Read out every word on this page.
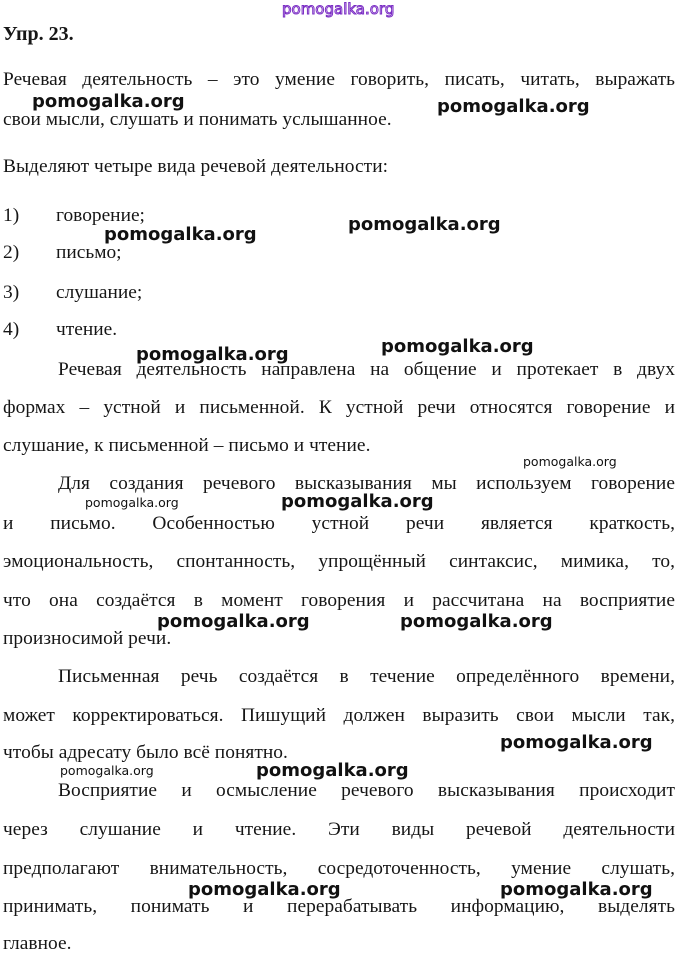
pomogalka.org
Упр. 23.
Речевая деятельность – это умение говорить, писать, читать, выражать
свои мысли, слушать и понимать услышанное.
Выделяют четыре вида речевой деятельности:
1) говорение;
2) письмо;
3) слушание;
4) чтение.
Речевая деятельность направлена на общение и протекает в двух
формах – устной и письменной. К устной речи относятся говорение и
слушание, к письменной – письмо и чтение.
Для создания речевого высказывания мы используем говорение
и письмо. Особенностью устной речи является краткость,
эмоциональность, спонтанность, упрощённый синтаксис, мимика, то,
что она создаётся в момент говорения и рассчитана на восприятие
произносимой речи.
Письменная речь создаётся в течение определённого времени,
может корректироваться. Пишущий должен выразить свои мысли так,
чтобы адресату было всё понятно.
Восприятие и осмысление речевого высказывания происходит
через слушание и чтение. Эти виды речевой деятельности
предполагают внимательность, сосредоточенность, умение слушать,
принимать, понимать и перерабатывать информацию, выделять
главное.
pomogalka.org	pomogalka.org
pomogalka.org
pomogalka.org
pomogalka.org
pomogalka.org
pomogalka.org
pomogalka.org
pomogalka.org
pomogalka.org	pomogalka.org
pomogalka.org
pomogalka.org	pomogalka.org
pomogalka.org	pomogalka.org
